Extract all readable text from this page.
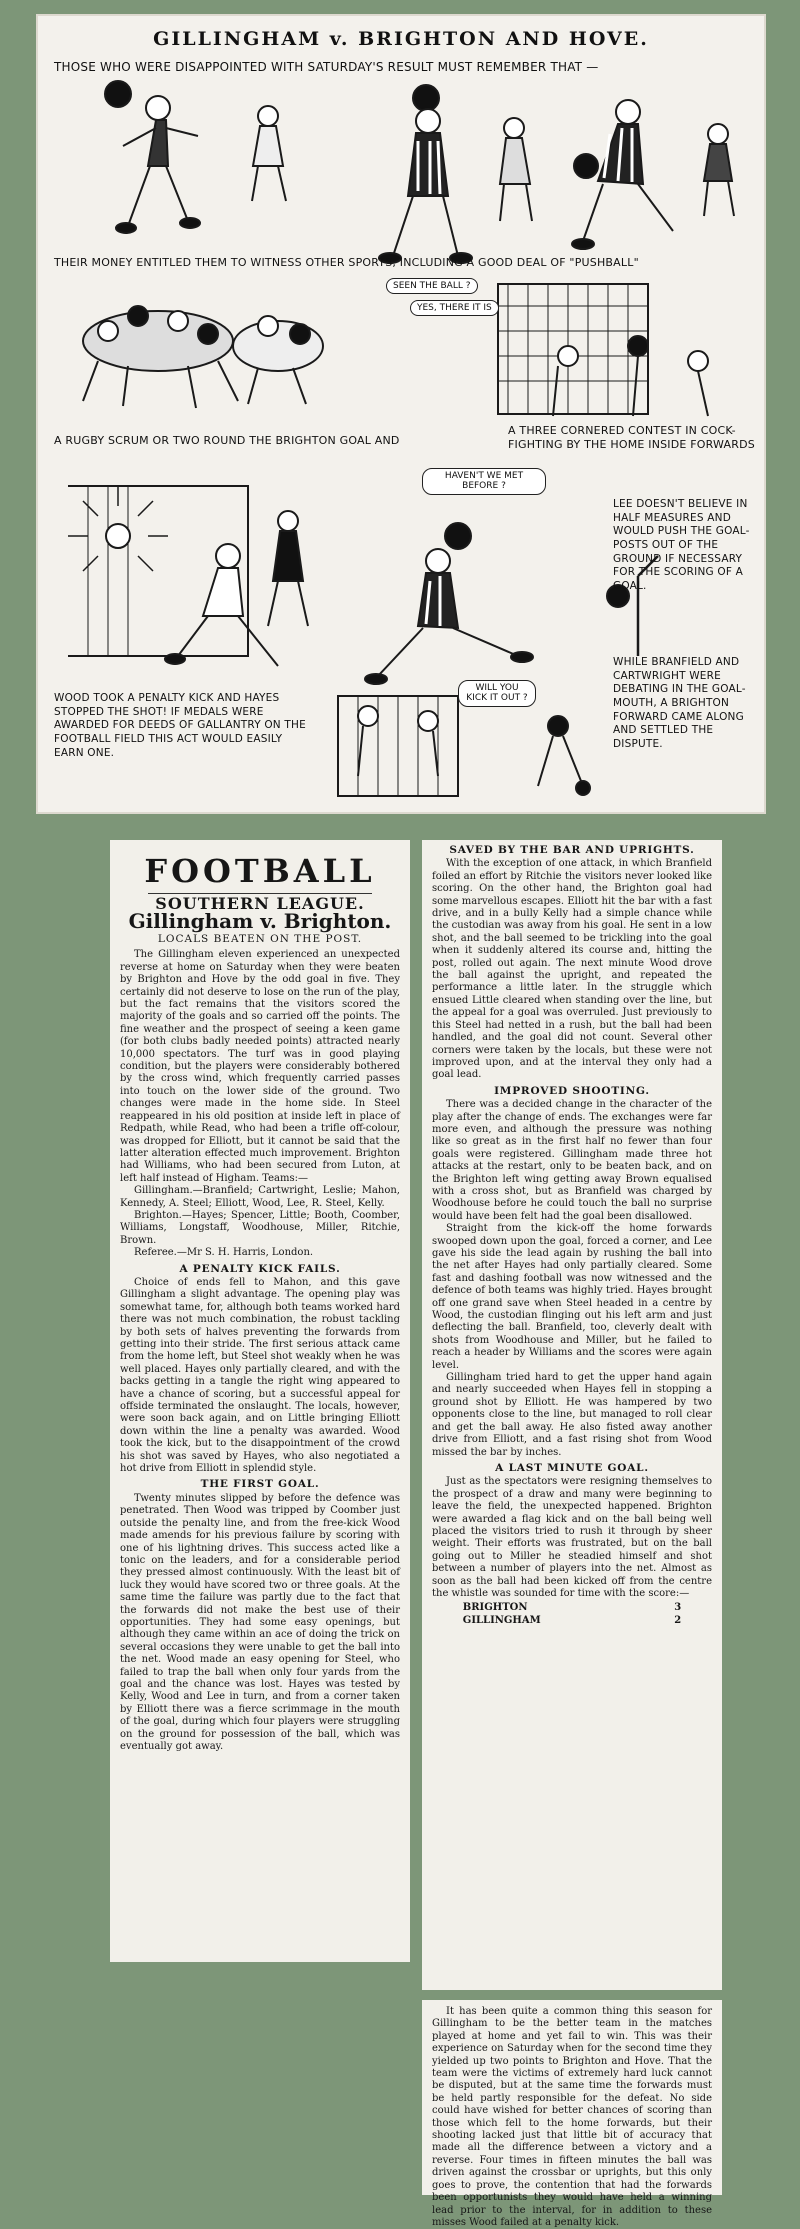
GILLINGHAM v. BRIGHTON AND HOVE.
THOSE WHO WERE DISAPPOINTED WITH SATURDAY'S RESULT MUST REMEMBER THAT —
THEIR MONEY ENTITLED THEM TO WITNESS OTHER SPORTS, INCLUDING A GOOD DEAL OF "PUSHBALL"
SEEN THE BALL ?
YES, THERE IT IS
A RUGBY SCRUM OR TWO ROUND THE BRIGHTON GOAL AND
A THREE CORNERED CONTEST IN COCK-FIGHTING BY THE HOME INSIDE FORWARDS
HAVEN'T WE MET BEFORE ?
LEE DOESN'T BELIEVE IN HALF MEASURES AND WOULD PUSH THE GOAL-POSTS OUT OF THE GROUND IF NECESSARY FOR THE SCORING OF A GOAL.
WOOD TOOK A PENALTY KICK AND HAYES STOPPED THE SHOT! IF MEDALS WERE AWARDED FOR DEEDS OF GALLANTRY ON THE FOOTBALL FIELD THIS ACT WOULD EASILY EARN ONE.
WILL YOU KICK IT OUT ?
WHILE BRANFIELD AND CARTWRIGHT WERE DEBATING IN THE GOAL-MOUTH, A BRIGHTON FORWARD CAME ALONG AND SETTLED THE DISPUTE.
FOOTBALL
SOUTHERN LEAGUE.
Gillingham v. Brighton.
LOCALS BEATEN ON THE POST.

The Gillingham eleven experienced an unexpected reverse at home on Saturday when they were beaten by Brighton and Hove by the odd goal in five. They certainly did not deserve to lose on the run of the play, but the fact remains that the visitors scored the majority of the goals and so carried off the points. The fine weather and the prospect of seeing a keen game (for both clubs badly needed points) attracted nearly 10,000 spectators. The turf was in good playing condition, but the players were considerably bothered by the cross wind, which frequently carried passes into touch on the lower side of the ground. Two changes were made in the home side. In Steel reappeared in his old position at inside left in place of Redpath, while Read, who had been a trifle off-colour, was dropped for Elliott, but it cannot be said that the latter alteration effected much improvement. Brighton had Williams, who had been secured from Luton, at left half instead of Higham. Teams:—

Gillingham.—Branfield; Cartwright, Leslie; Mahon, Kennedy, A. Steel; Elliott, Wood, Lee, R. Steel, Kelly.

Brighton.—Hayes; Spencer, Little; Booth, Coomber, Williams, Longstaff, Woodhouse, Miller, Ritchie, Brown.

Referee.—Mr S. H. Harris, London.

A PENALTY KICK FAILS.

Choice of ends fell to Mahon, and this gave Gillingham a slight advantage. The opening play was somewhat tame, for, although both teams worked hard there was not much combination, the robust tackling by both sets of halves preventing the forwards from getting into their stride. The first serious attack came from the home left, but Steel shot weakly when he was well placed. Hayes only partially cleared, and with the backs getting in a tangle the right wing appeared to have a chance of scoring, but a successful appeal for offside terminated the onslaught. The locals, however, were soon back again, and on Little bringing Elliott down within the line a penalty was awarded. Wood took the kick, but to the disappointment of the crowd his shot was saved by Hayes, who also negotiated a hot drive from Elliott in splendid style.

THE FIRST GOAL.

Twenty minutes slipped by before the defence was penetrated. Then Wood was tripped by Coomber just outside the penalty line, and from the free-kick Wood made amends for his previous failure by scoring with one of his lightning drives. This success acted like a tonic on the leaders, and for a considerable period they pressed almost continuously. With the least bit of luck they would have scored two or three goals. At the same time the failure was partly due to the fact that the forwards did not make the best use of their opportunities. They had some easy openings, but although they came within an ace of doing the trick on several occasions they were unable to get the ball into the net. Wood made an easy opening for Steel, who failed to trap the ball when only four yards from the goal and the chance was lost. Hayes was tested by Kelly, Wood and Lee in turn, and from a corner taken by Elliott there was a fierce scrimmage in the mouth of the goal, during which four players were struggling on the ground for possession of the ball, which was eventually got away.

SAVED BY THE BAR AND UPRIGHTS.

With the exception of one attack, in which Branfield foiled an effort by Ritchie the visitors never looked like scoring. On the other hand, the Brighton goal had some marvellous escapes. Elliott hit the bar with a fast drive, and in a bully Kelly had a simple chance while the custodian was away from his goal. He sent in a low shot, and the ball seemed to be trickling into the goal when it suddenly altered its course and, hitting the post, rolled out again. The next minute Wood drove the ball against the upright, and repeated the performance a little later. In the struggle which ensued Little cleared when standing over the line, but the appeal for a goal was overruled. Just previously to this Steel had netted in a rush, but the ball had been handled, and the goal did not count. Several other corners were taken by the locals, but these were not improved upon, and at the interval they only had a goal lead.

IMPROVED SHOOTING.

There was a decided change in the character of the play after the change of ends. The exchanges were far more even, and although the pressure was nothing like so great as in the first half no fewer than four goals were registered. Gillingham made three hot attacks at the restart, only to be beaten back, and on the Brighton left wing getting away Brown equalised with a cross shot, but as Branfield was charged by Woodhouse before he could touch the ball no surprise would have been felt had the goal been disallowed.

Straight from the kick-off the home forwards swooped down upon the goal, forced a corner, and Lee gave his side the lead again by rushing the ball into the net after Hayes had only partially cleared. Some fast and dashing football was now witnessed and the defence of both teams was highly tried. Hayes brought off one grand save when Steel headed in a centre by Wood, the custodian flinging out his left arm and just deflecting the ball. Branfield, too, cleverly dealt with shots from Woodhouse and Miller, but he failed to reach a header by Williams and the scores were again level.

Gillingham tried hard to get the upper hand again and nearly succeeded when Hayes fell in stopping a ground shot by Elliott. He was hampered by two opponents close to the line, but managed to roll clear and get the ball away. He also fisted away another drive from Elliott, and a fast rising shot from Wood missed the bar by inches.

A LAST MINUTE GOAL.

Just as the spectators were resigning themselves to the prospect of a draw and many were beginning to leave the field, the unexpected happened. Brighton were awarded a flag kick and on the ball being well placed the visitors tried to rush it through by sheer weight. Their efforts was frustrated, but on the ball going out to Miller he steadied himself and shot between a number of players into the net. Almost as soon as the ball had been kicked off from the centre the whistle was sounded for time with the score:—

BRIGHTON	3
GILLINGHAM	2

It has been quite a common thing this season for Gillingham to be the better team in the matches played at home and yet fail to win. This was their experience on Saturday when for the second time they yielded up two points to Brighton and Hove. That the team were the victims of extremely hard luck cannot be disputed, but at the same time the forwards must be held partly responsible for the defeat. No side could have wished for better chances of scoring than those which fell to the home forwards, but their shooting lacked just that little bit of accuracy that made all the difference between a victory and a reverse. Four times in fifteen minutes the ball was driven against the crossbar or uprights, but this only goes to prove, the contention that had the forwards been opportunists they would have held a winning lead prior to the interval, for in addition to these misses Wood failed at a penalty kick.
